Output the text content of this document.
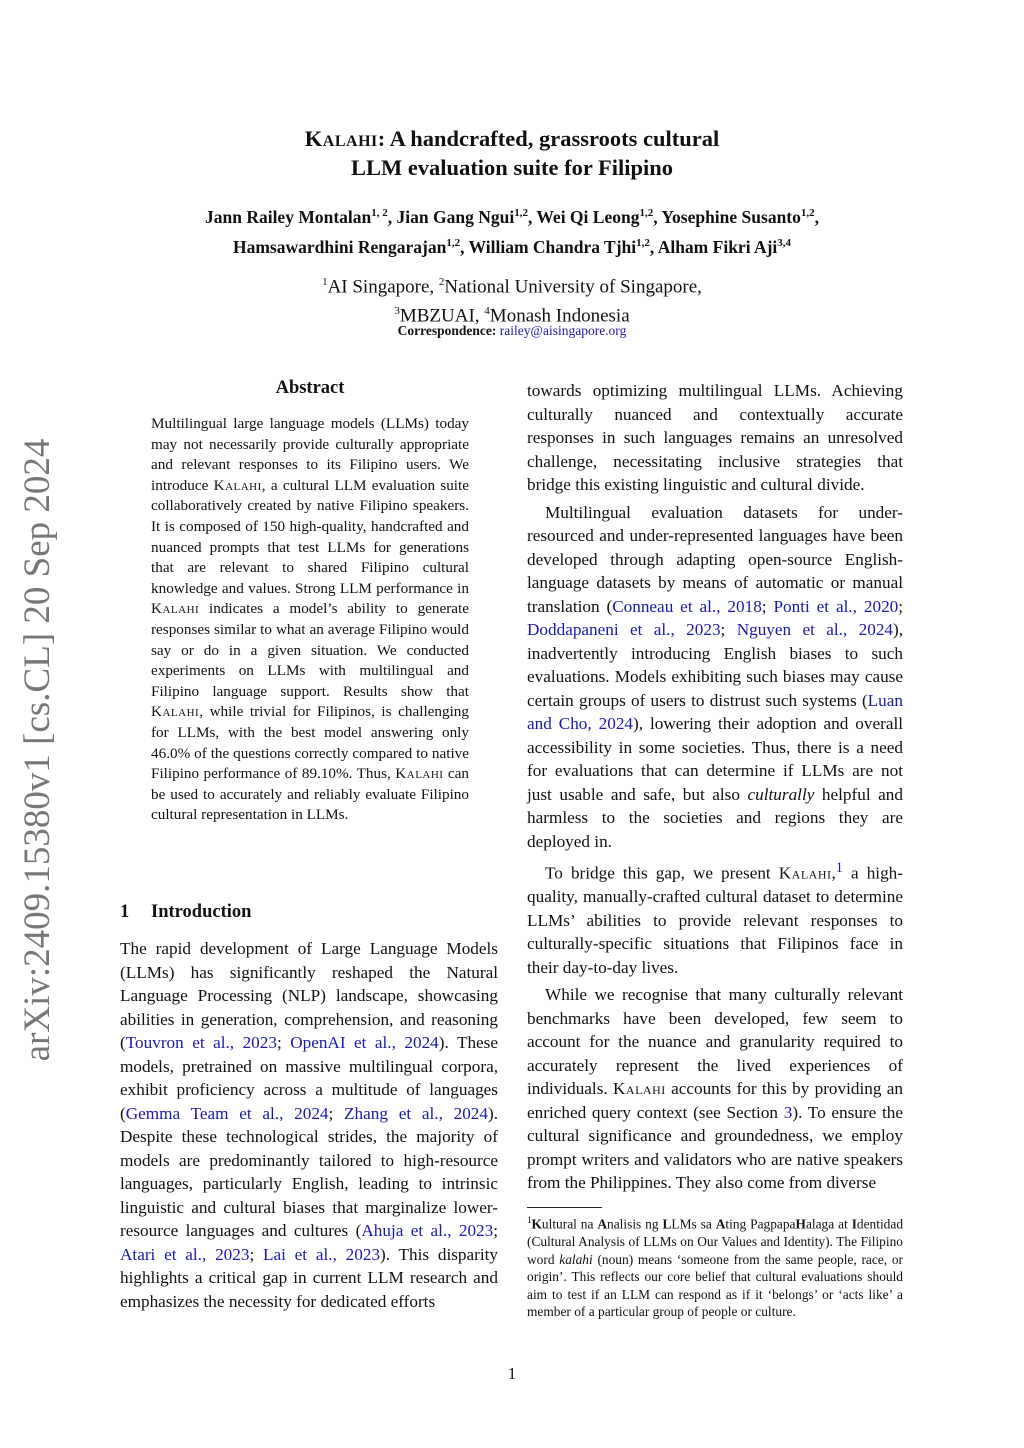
arXiv:2409.15380v1 [cs.CL] 20 Sep 2024
Kalahi: A handcrafted, grassroots cultural
LLM evaluation suite for Filipino
Jann Railey Montalan$^{1, 2}$, Jian Gang Ngui$^{1,2}$, Wei Qi Leong$^{1,2}$, Yosephine Susanto$^{1,2}$,
Hamsawardhini Rengarajan$^{1,2}$, William Chandra Tjhi$^{1,2}$, Alham Fikri Aji$^{3,4}$
$^1$AI Singapore, $^2$National University of Singapore,
$^3$MBZUAI, $^4$Monash Indonesia
Correspondence: railey@aisingapore.org
Abstract
Multilingual large language models (LLMs) today may not necessarily provide culturally appropriate and relevant responses to its Filipino users. We introduce Kalahi, a cultural LLM evaluation suite collaboratively created by native Filipino speakers. It is composed of 150 high-quality, handcrafted and nuanced prompts that test LLMs for generations that are relevant to shared Filipino cultural knowledge and values. Strong LLM performance in Kalahi indicates a model’s ability to generate responses similar to what an average Filipino would say or do in a given situation. We conducted experiments on LLMs with multilingual and Filipino language support. Results show that Kalahi, while trivial for Filipinos, is challenging for LLMs, with the best model answering only 46.0% of the questions correctly compared to native Filipino performance of 89.10%. Thus, Kalahi can be used to accurately and reliably evaluate Filipino cultural representation in LLMs.
1 Introduction

The rapid development of Large Language Models (LLMs) has significantly reshaped the Natural Language Processing (NLP) landscape, showcasing abilities in generation, comprehension, and reasoning (Touvron et al., 2023; OpenAI et al., 2024). These models, pretrained on massive multilingual corpora, exhibit proficiency across a multitude of languages (Gemma Team et al., 2024; Zhang et al., 2024). Despite these technological strides, the majority of models are predominantly tailored to high-resource languages, particularly English, leading to intrinsic linguistic and cultural biases that marginalize lower-resource languages and cultures (Ahuja et al., 2023; Atari et al., 2023; Lai et al., 2023). This disparity highlights a critical gap in current LLM research and emphasizes the necessity for dedicated efforts

towards optimizing multilingual LLMs. Achieving culturally nuanced and contextually accurate responses in such languages remains an unresolved challenge, necessitating inclusive strategies that bridge this existing linguistic and cultural divide.

Multilingual evaluation datasets for under-resourced and under-represented languages have been developed through adapting open-source English-language datasets by means of automatic or manual translation (Conneau et al., 2018; Ponti et al., 2020; Doddapaneni et al., 2023; Nguyen et al., 2024), inadvertently introducing English biases to such evaluations. Models exhibiting such biases may cause certain groups of users to distrust such systems (Luan and Cho, 2024), lowering their adoption and overall accessibility in some societies. Thus, there is a need for evaluations that can determine if LLMs are not just usable and safe, but also culturally helpful and harmless to the societies and regions they are deployed in.

To bridge this gap, we present Kalahi,$^1$ a high-quality, manually-crafted cultural dataset to determine LLMs’ abilities to provide relevant responses to culturally-specific situations that Filipinos face in their day-to-day lives.

While we recognise that many culturally relevant benchmarks have been developed, few seem to account for the nuance and granularity required to accurately represent the lived experiences of individuals. Kalahi accounts for this by providing an enriched query context (see Section 3). To ensure the cultural significance and groundedness, we employ prompt writers and validators who are native speakers from the Philippines. They also come from diverse

$^1$Kultural na Analisis ng LLMs sa Ating PagpapaHalaga at Identidad (Cultural Analysis of LLMs on Our Values and Identity). The Filipino word kalahi (noun) means ‘someone from the same people, race, or origin’. This reflects our core belief that cultural evaluations should aim to test if an LLM can respond as if it ‘belongs’ or ‘acts like’ a member of a particular group of people or culture.
1
